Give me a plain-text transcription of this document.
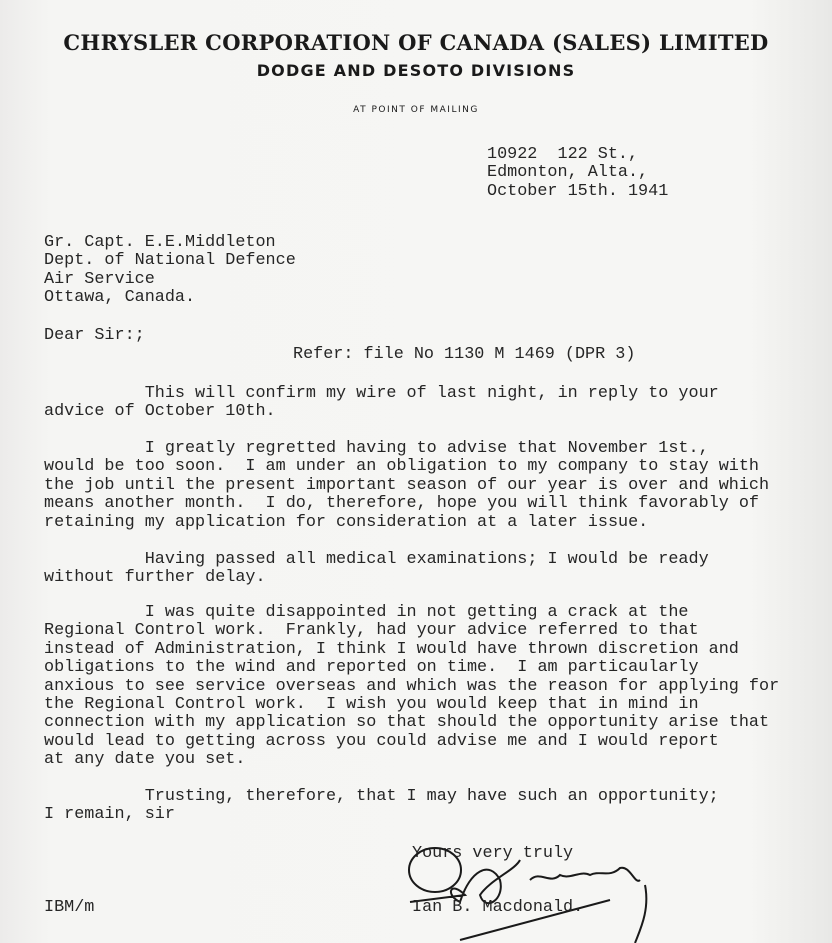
CHRYSLER CORPORATION OF CANADA (SALES) LIMITED
DODGE AND DESOTO DIVISIONS
AT POINT OF MAILING
10922  122 St.,
Edmonton, Alta.,
October 15th. 1941
Gr. Capt. E.E.Middleton
Dept. of National Defence
Air Service
Ottawa, Canada.
Dear Sir:;
Refer: file No 1130 M 1469 (DPR 3)
This will confirm my wire of last night, in reply to your
advice of October 10th.
I greatly regretted having to advise that November 1st.,
would be too soon.  I am under an obligation to my company to stay with
the job until the present important season of our year is over and which
means another month.  I do, therefore, hope you will think favorably of
retaining my application for consideration at a later issue.
Having passed all medical examinations; I would be ready
without further delay.
I was quite disappointed in not getting a crack at the
Regional Control work.  Frankly, had your advice referred to that
instead of Administration, I think I would have thrown discretion and
obligations to the wind and reported on time.  I am particaularly
anxious to see service overseas and which was the reason for applying for
the Regional Control work.  I wish you would keep that in mind in
connection with my application so that should the opportunity arise that
would lead to getting across you could advise me and I would report
at any date you set.
Trusting, therefore, that I may have such an opportunity;
I remain, sir
Yours very truly
Ian B. Macdonald.
IBM/m
